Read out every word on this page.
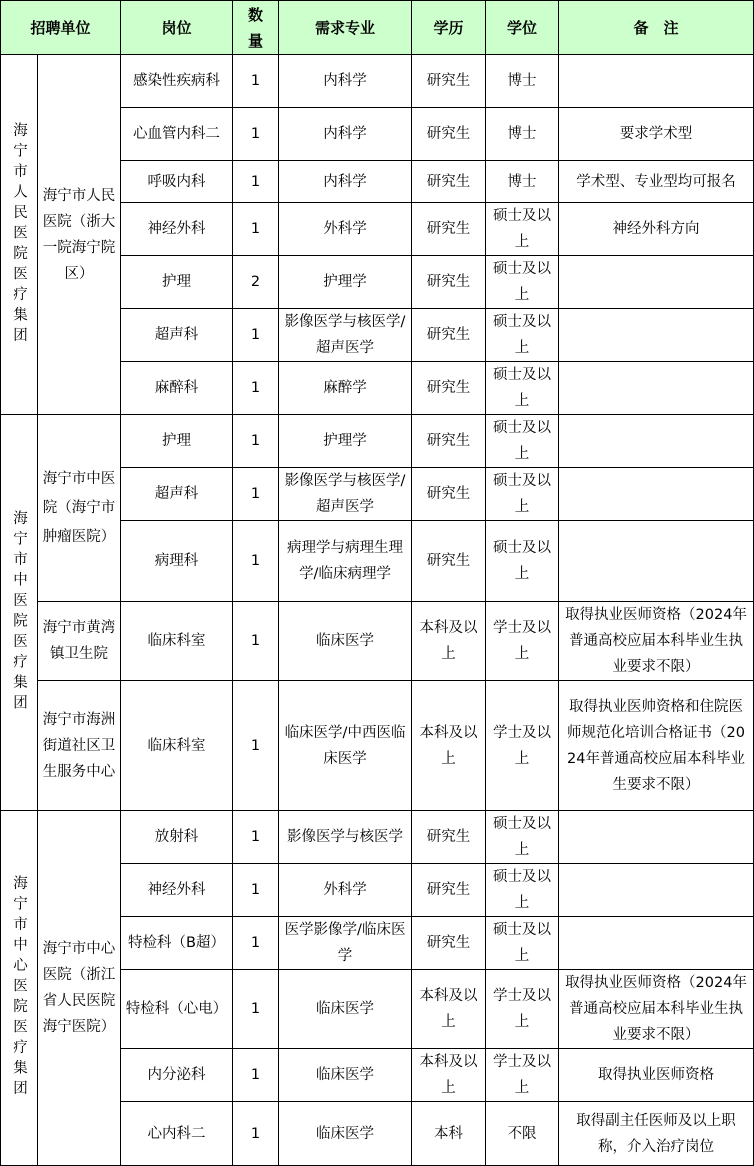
招聘单位		岗位	数量	需求专业	学历	学位	备　注
海宁市人民医院医疗集团	海宁市人民医院（浙大一院海宁院区）	感染性疾病科	1	内科学	研究生	博士	
		心血管内科二	1	内科学	研究生	博士	要求学术型
		呼吸内科	1	内科学	研究生	博士	学术型、专业型均可报名
		神经外科	1	外科学	研究生	硕士及以上	神经外科方向
		护理	2	护理学	研究生	硕士及以上	
		超声科	1	影像医学与核医学/超声医学	研究生	硕士及以上	
		麻醉科	1	麻醉学	研究生	硕士及以上	
海宁市中医院医疗集团	海宁市中医院（海宁市肿瘤医院）	护理	1	护理学	研究生	硕士及以上	
		超声科	1	影像医学与核医学/超声医学	研究生	硕士及以上	
		病理科	1	病理学与病理生理学/临床病理学	研究生	硕士及以上	
	海宁市黄湾镇卫生院	临床科室	1	临床医学	本科及以上	学士及以上	取得执业医师资格（2024年普通高校应届本科毕业生执业要求不限）
	海宁市海洲街道社区卫生服务中心	临床科室	1	临床医学/中西医临床医学	本科及以上	学士及以上	取得执业医帅资格和住院医师规范化培训合格证书（2024年普通高校应届本科毕业生要求不限）
海宁市中心医院医疗集团	海宁市中心医院（浙江省人民医院海宁医院）	放射科	1	影像医学与核医学	研究生	硕士及以上	
		神经外科	1	外科学	研究生	硕士及以上	
		特检科（B超）	1	医学影像学/临床医学	研究生	硕士及以上	
		特检科（心电）	1	临床医学	本科及以上	学士及以上	取得执业医师资格（2024年普通高校应届本科毕业生执业要求不限）
		内分泌科	1	临床医学	本科及以上	学士及以上	取得执业医师资格
		心内科二	1	临床医学	本科	不限	取得副主任医师及以上职称，介入治疗岗位
